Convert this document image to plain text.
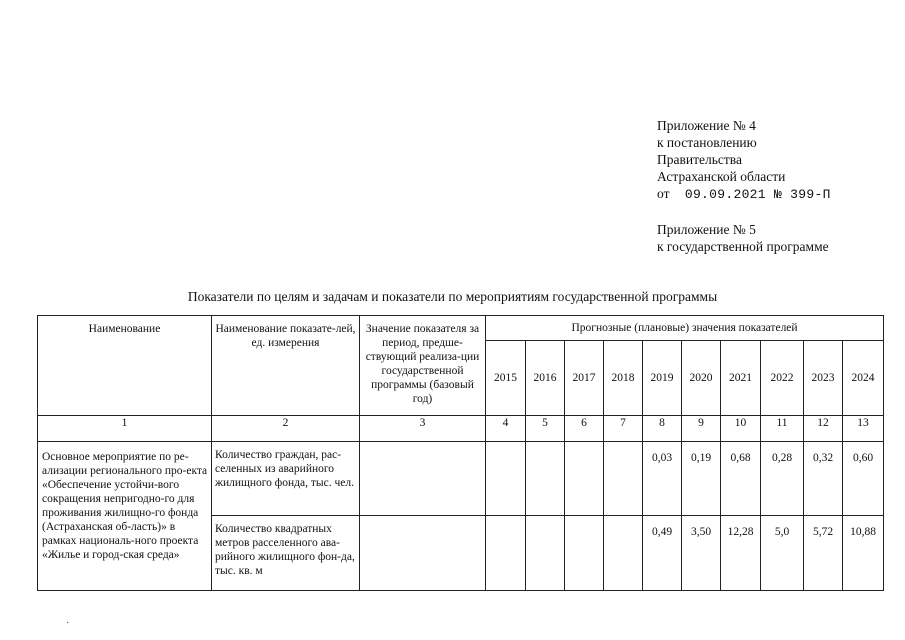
Приложение № 4
к постановлению
Правительства
Астраханской области
от 09.09.2021 № 399-П
Приложение № 5
к государственной программе
Показатели по целям и задачам и показатели по мероприятиям государственной программы
Наименование	Наименование показате-лей, ед. измерения	Значение показателя за период, предше-ствующий реализа-ции государственной программы (базовый год)	Прогнозные (плановые) значения показателей									
			2015	2016	2017	2018	2019	2020	2021	2022	2023	2024
1	2	3	4	5	6	7	8	9	10	11	12	13
Основное мероприятие по ре-ализации регионального про-екта «Обеспечение устойчи-вого сокращения непригодно-го для проживания жилищно-го фонда (Астраханская об-ласть)» в рамках националь-ного проекта «Жилье и город-ская среда»	Количество граждан, рас-селенных из аварийного жилищного фонда, тыс. чел.						0,03	0,19	0,68	0,28	0,32	0,60
	Количество квадратных метров расселенного ава-рийного жилищного фон-да, тыс. кв. м						0,49	3,50	12,28	5,0	5,72	10,88
·
